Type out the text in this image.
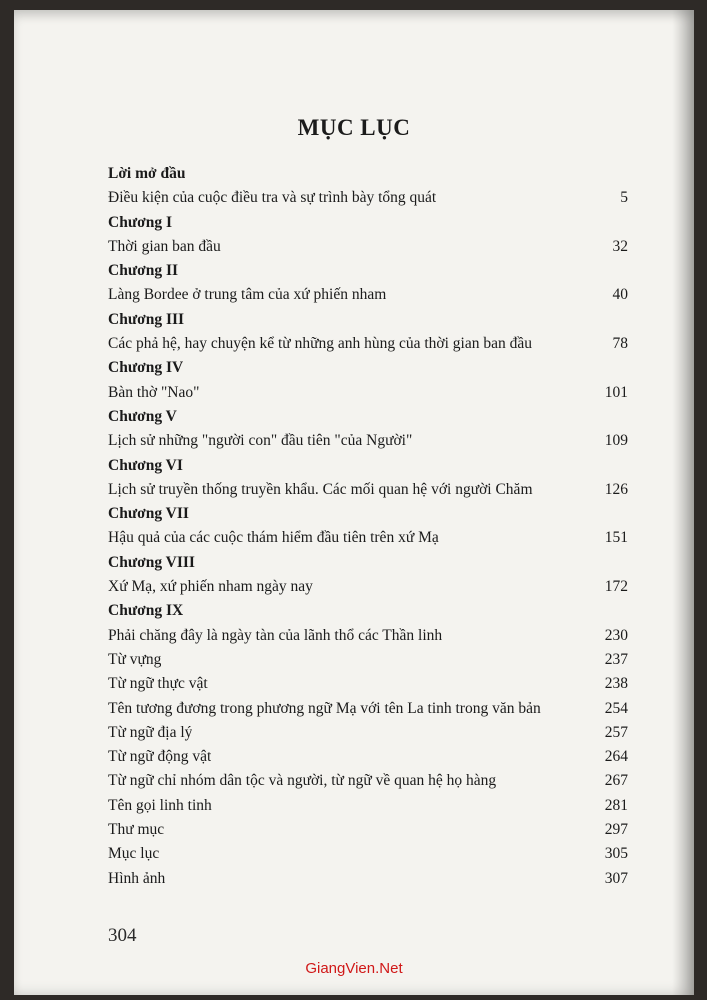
MỤC LỤC
Lời mở đầu
Điều kiện của cuộc điều tra và sự trình bày tổng quát	5
Chương I
Thời gian ban đầu	32
Chương II
Làng Bordee ở trung tâm của xứ phiến nham	40
Chương III
Các phả hệ, hay chuyện kể từ những anh hùng của thời gian ban đầu	78
Chương IV
Bàn thờ "Nao"	101
Chương V
Lịch sử những "người con" đầu tiên "của Người"	109
Chương VI
Lịch sử truyền thống truyền khẩu. Các mối quan hệ với người Chăm	126
Chương VII
Hậu quả của các cuộc thám hiểm đầu tiên trên xứ Mạ	151
Chương VIII
Xứ Mạ, xứ phiến nham ngày nay	172
Chương IX
Phải chăng đây là ngày tàn của lãnh thổ các Thần linh	230
Từ vựng	237
Từ ngữ thực vật	238
Tên tương đương trong phương ngữ Mạ với tên La tinh trong văn bản	254
Từ ngữ địa lý	257
Từ ngữ động vật	264
Từ ngữ chỉ nhóm dân tộc và người, từ ngữ về quan hệ họ hàng	267
Tên gọi linh tinh	281
Thư mục	297
Mục lục	305
Hình ảnh	307
304
GiangVien.Net
